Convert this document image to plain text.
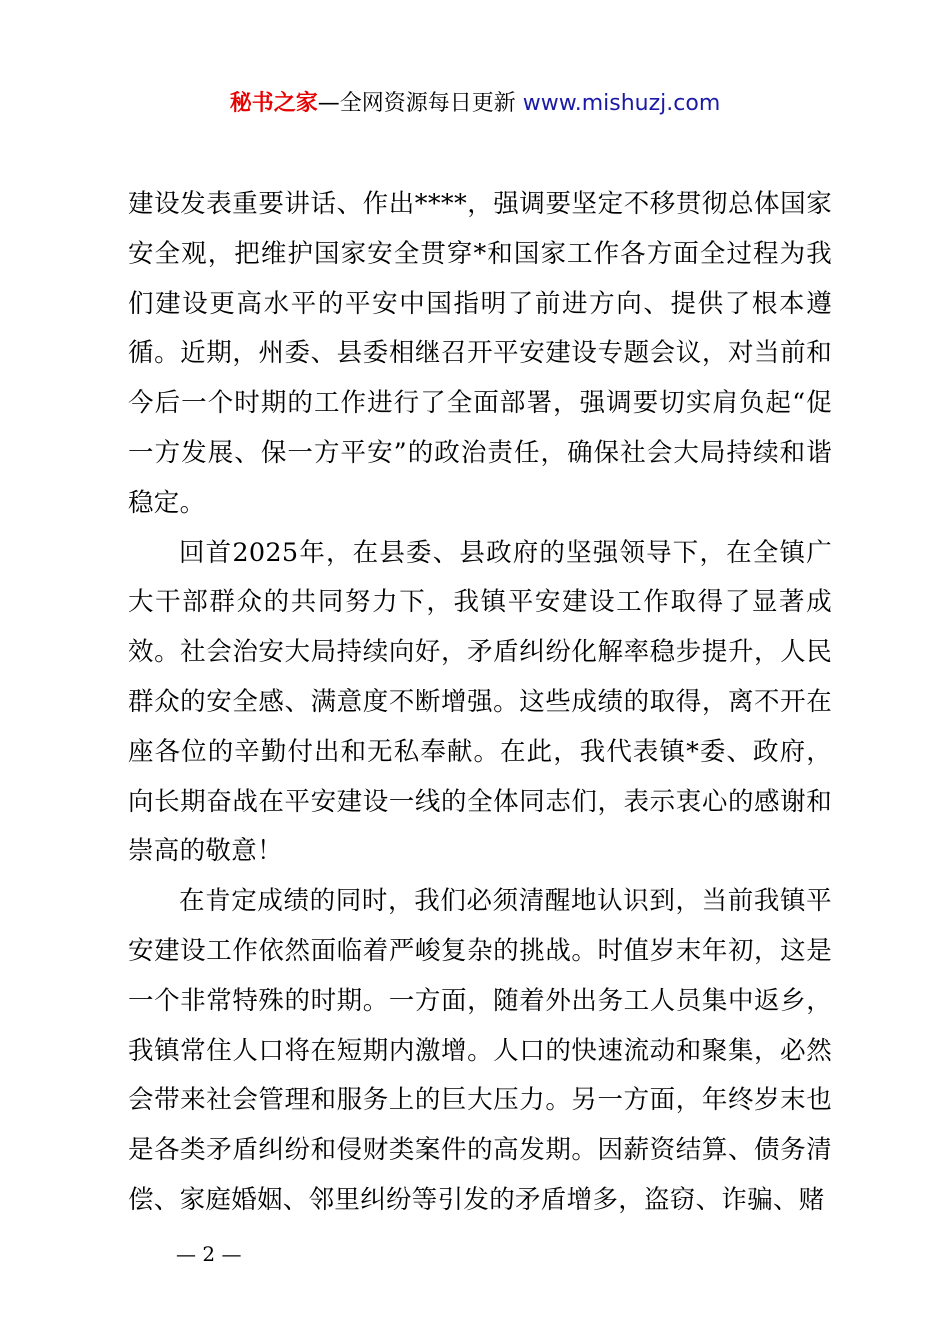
秘书之家—全网资源每日更新 www.mishuzj.com

建设发表重要讲话、作出****，强调要坚定不移贯彻总体国家安全观，把维护国家安全贯穿*和国家工作各方面全过程为我们建设更高水平的平安中国指明了前进方向、提供了根本遵循。近期，州委、县委相继召开平安建设专题会议，对当前和今后一个时期的工作进行了全面部署，强调要切实肩负起“促一方发展、保一方平安”的政治责任，确保社会大局持续和谐稳定。

回首2025年，在县委、县政府的坚强领导下，在全镇广大干部群众的共同努力下，我镇平安建设工作取得了显著成效。社会治安大局持续向好，矛盾纠纷化解率稳步提升，人民群众的安全感、满意度不断增强。这些成绩的取得，离不开在座各位的辛勤付出和无私奉献。在此，我代表镇*委、政府，向长期奋战在平安建设一线的全体同志们，表示衷心的感谢和崇高的敬意！

在肯定成绩的同时，我们必须清醒地认识到，当前我镇平安建设工作依然面临着严峻复杂的挑战。时值岁末年初，这是一个非常特殊的时期。一方面，随着外出务工人员集中返乡，我镇常住人口将在短期内激增。人口的快速流动和聚集，必然会带来社会管理和服务上的巨大压力。另一方面，年终岁末也是各类矛盾纠纷和侵财类案件的高发期。因薪资结算、债务清偿、家庭婚姻、邻里纠纷等引发的矛盾增多，盗窃、诈骗、赌

— 2 —
